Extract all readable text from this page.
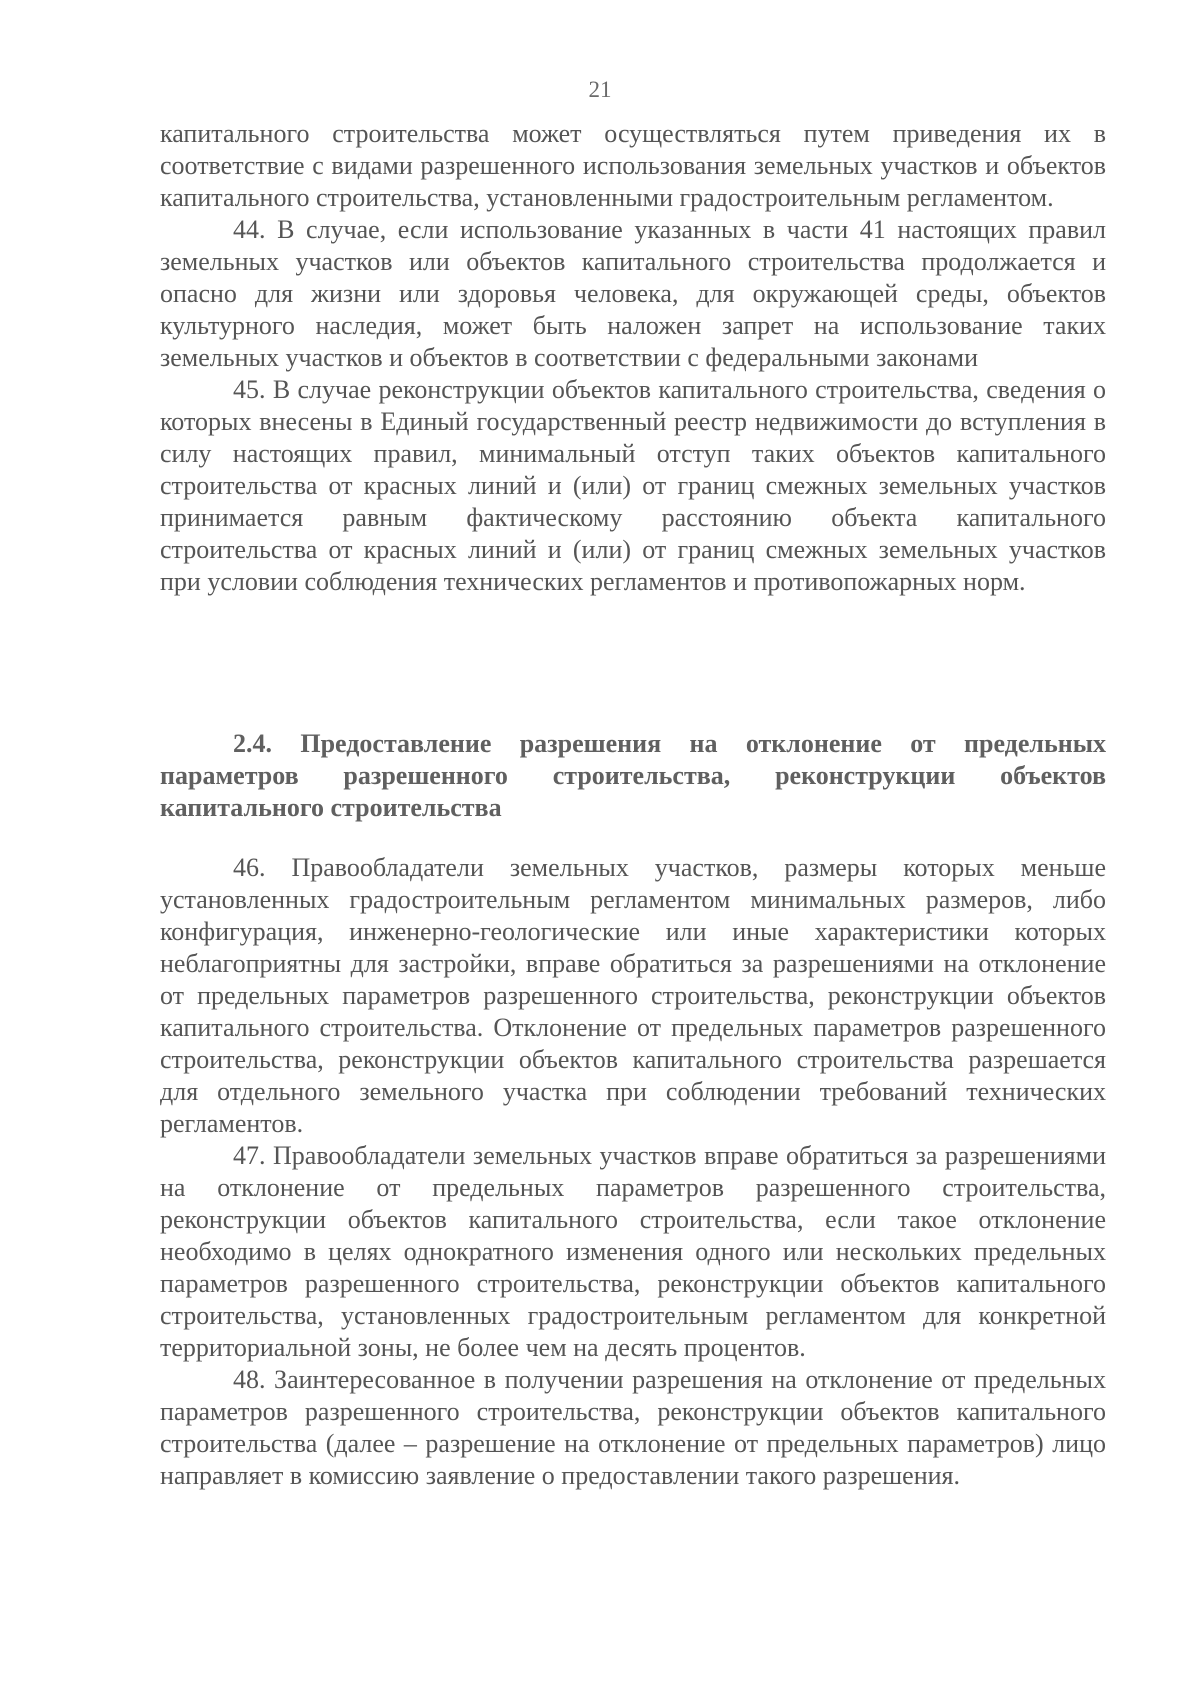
21

капитального строительства может осуществляться путем приведения их в соответствие с видами разрешенного использования земельных участков и объектов капитального строительства, установленными градостроительным регламентом.

44. В случае, если использование указанных в части 41 настоящих правил земельных участков или объектов капитального строительства продолжается и опасно для жизни или здоровья человека, для окружающей среды, объектов культурного наследия, может быть наложен запрет на использование таких земельных участков и объектов в соответствии с федеральными законами

45. В случае реконструкции объектов капитального строительства, сведения о которых внесены в Единый государственный реестр недвижимости до вступления в силу настоящих правил, минимальный отступ таких объектов капитального строительства от красных линий и (или) от границ смежных земельных участков принимается равным фактическому расстоянию объекта капитального строительства от красных линий и (или) от границ смежных земельных участков при условии соблюдения технических регламентов и противопожарных норм.

2.4. Предоставление разрешения на отклонение от предельных параметров разрешенного строительства, реконструкции объектов капитального строительства

46. Правообладатели земельных участков, размеры которых меньше установленных градостроительным регламентом минимальных размеров, либо конфигурация, инженерно-геологические или иные характеристики которых неблагоприятны для застройки, вправе обратиться за разрешениями на отклонение от предельных параметров разрешенного строительства, реконструкции объектов капитального строительства. Отклонение от предельных параметров разрешенного строительства, реконструкции объектов капитального строительства разрешается для отдельного земельного участка при соблюдении требований технических регламентов.

47. Правообладатели земельных участков вправе обратиться за разрешениями на отклонение от предельных параметров разрешенного строительства, реконструкции объектов капитального строительства, если такое отклонение необходимо в целях однократного изменения одного или нескольких предельных параметров разрешенного строительства, реконструкции объектов капитального строительства, установленных градостроительным регламентом для конкретной территориальной зоны, не более чем на десять процентов.

48. Заинтересованное в получении разрешения на отклонение от предельных параметров разрешенного строительства, реконструкции объектов капитального строительства (далее – разрешение на отклонение от предельных параметров) лицо направляет в комиссию заявление о предоставлении такого разрешения.
